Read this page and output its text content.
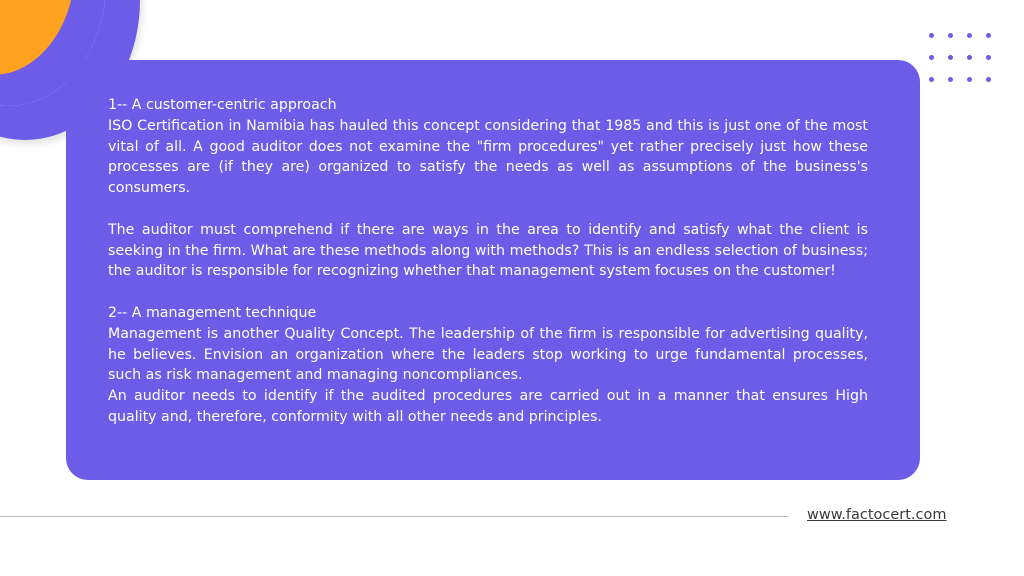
1-- A customer-centric approach

ISO Certification in Namibia has hauled this concept considering that 1985 and this is just one of the most vital of all. A good auditor does not examine the "firm procedures" yet rather precisely just how these processes are (if they are) organized to satisfy the needs as well as assumptions of the business's consumers.

The auditor must comprehend if there are ways in the area to identify and satisfy what the client is seeking in the firm. What are these methods along with methods? This is an endless selection of business; the auditor is responsible for recognizing whether that management system focuses on the customer!

2-- A management technique

Management is another Quality Concept. The leadership of the firm is responsible for advertising quality, he believes. Envision an organization where the leaders stop working to urge fundamental processes, such as risk management and managing noncompliances.

An auditor needs to identify if the audited procedures are carried out in a manner that ensures High quality and, therefore, conformity with all other needs and principles.

www.factocert.com
